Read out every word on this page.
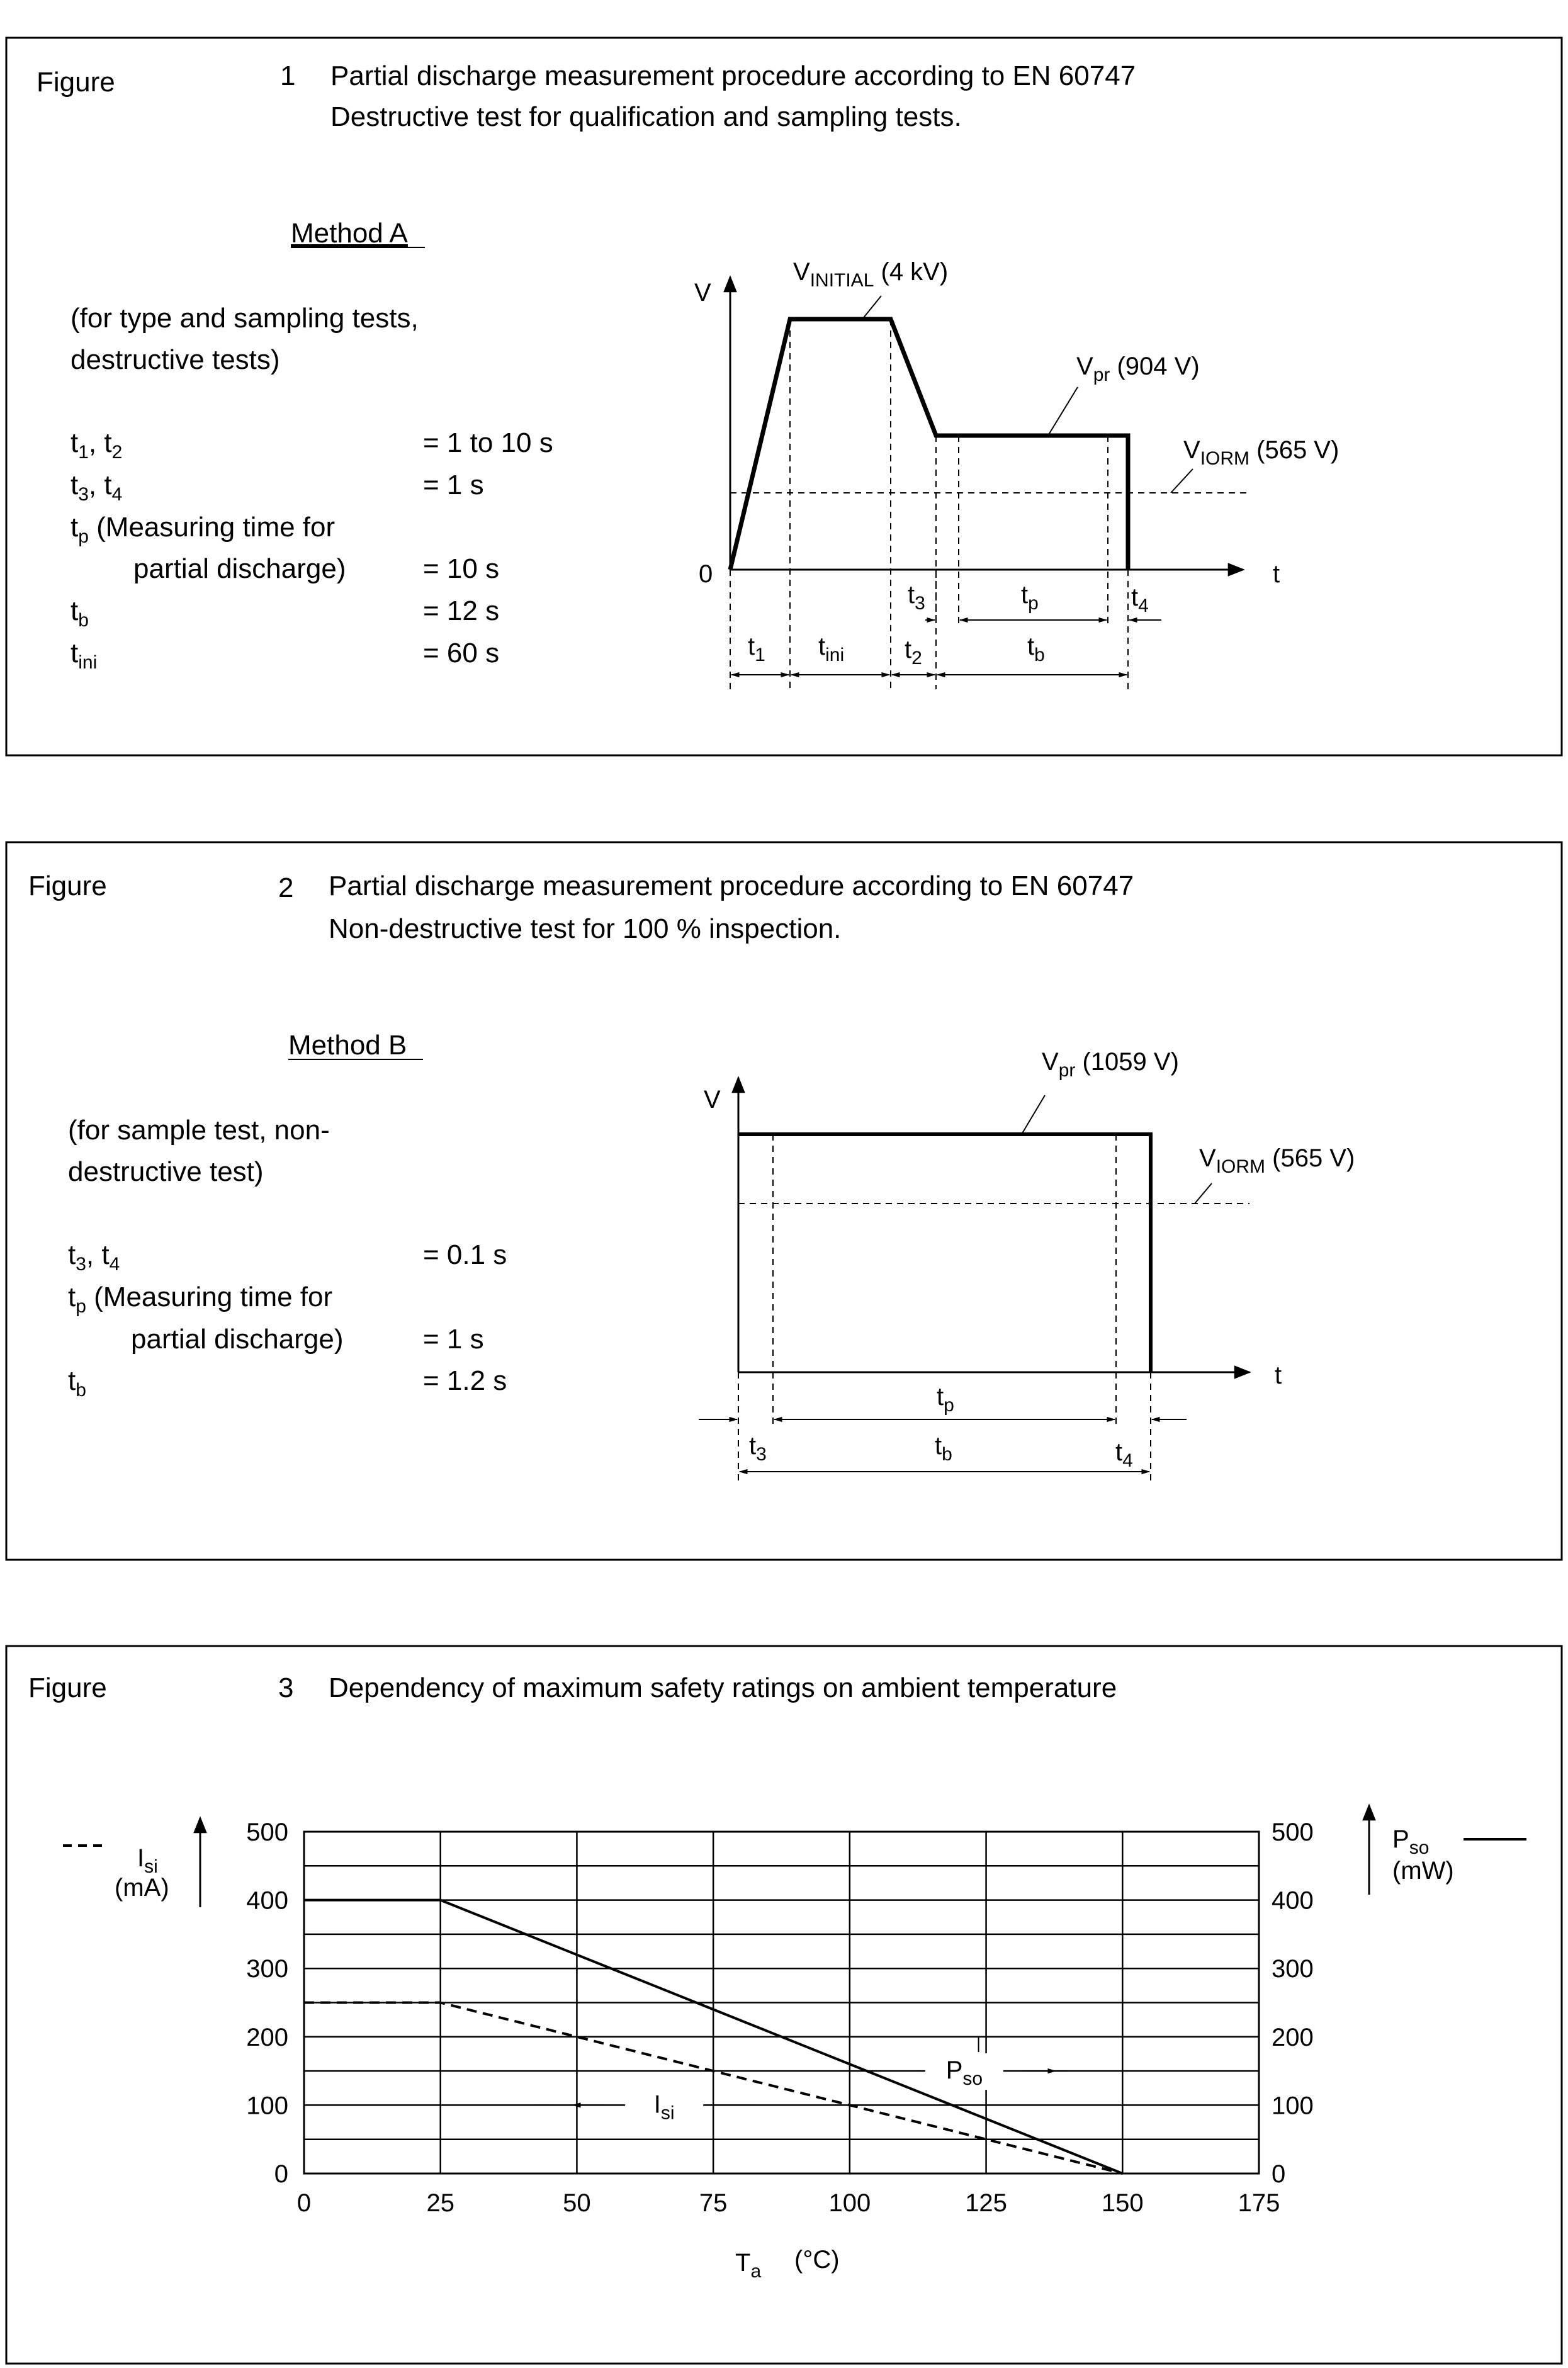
Figure	1 Partial discharge measurement procedure according to EN 60747
Destructive test for qualification and sampling tests.
Method A
(for type and sampling tests,
destructive tests)
$t_1$, $t_2$	= 1 to 10 s
$t_3$, $t_4$	= 1 s
$t_p$ (Measuring time for
partial discharge)	= 10 s
$t_b$	= 12 s
$t_{ini}$	= 60 s
V
t
0
$V_{INITIAL}$ (4 kV)
$V_{pr}$ (904 V)
$V_{IORM}$ (565 V)
$t_3$	$t_p$	$t_4$
$t_1$ $t_{ini}$ $t_2$	$t_b$
Figure	2 Partial discharge measurement procedure according to EN 60747
Non-destructive test for 100 % inspection.
Method B
(for sample test, non-
destructive test)
$t_3$, $t_4$	= 0.1 s
$t_p$ (Measuring time for
partial discharge)	= 1 s
$t_b$	= 1.2 s
V
t
$V_{pr}$ (1059 V)
$V_{IORM}$ (565 V)
$t_p$
$t_3$	$t_4$
$t_b$
Figure	3 Dependency of maximum safety ratings on ambient temperature
$I_{si}$
(mA)
$P_{so}$
(mW)
0	25	50	75	100	125	150	175
0
100
200
300
400
500
0
100
200
300
400
500
$I_{si}$
$P_{so}$
$T_a$ (°C)
